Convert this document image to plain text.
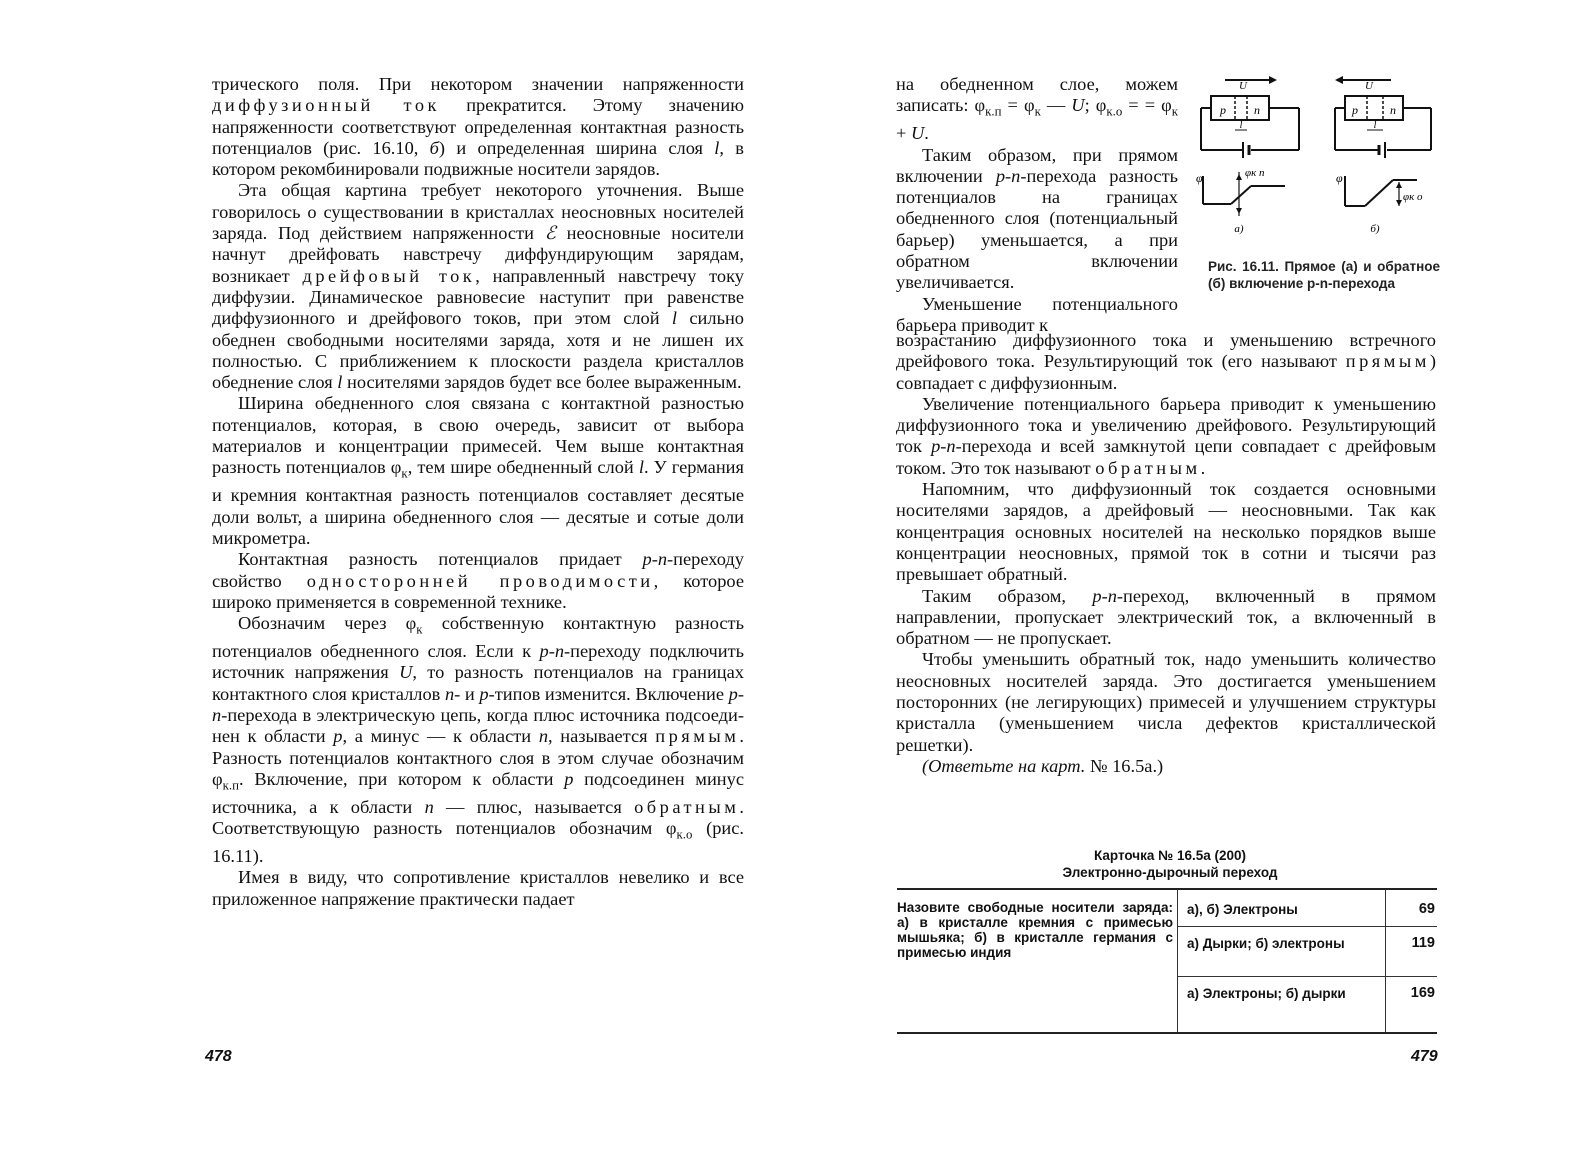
трического поля. При некотором значении напряженности диффузионный ток прекратится. Этому значению напряженности соответствуют определенная контактная разность потенциалов (рис. 16.10, б) и определенная ширина слоя l, в котором рекомбинировали подвижные носители зарядов.

Эта общая картина требует некоторого уточнения. Выше говорилось о существовании в кристаллах неосновных носителей заряда. Под действием напряженности ℰ неосновные носители начнут дрейфовать навстречу диффундирующим зарядам, возникает дрейфовый ток, направленный навстречу току диффузии. Динамическое равновесие наступит при равенстве диффузионного и дрейфового токов, при этом слой l сильно обеднен свободными носителями заряда, хотя и не лишен их полностью. С приближением к плоскости раздела кристаллов обеднение слоя l носителями зарядов будет все более выраженным.

Ширина обедненного слоя связана с контактной разностью потенциалов, которая, в свою очередь, зависит от выбора материалов и концентрации примесей. Чем выше контактная разность потенциалов $\varphi_к$, тем шире обедненный слой l. У германия и кремния контактная разность потенциалов составляет десятые доли вольт, а ширина обедненного слоя — десятые и сотые доли микрометра.

Контактная разность потенциалов придает р-n-переходу свойство односторонней проводимости, которое широко применяется в современной технике.

Обозначим через $\varphi_к$ собственную контактную разность потенциалов обедненного слоя. Если к р-n-переходу подключить источник напряжения U, то разность потенциалов на границах контактного слоя кристаллов n- и р-типов изменится. Включение р-n-перехода в электрическую цепь, когда плюс источника подсоединен к области р, а минус — к области n, называется прямым. Разность потенциалов контактного слоя в этом случае обозначим $\varphi_{к.п}$. Включение, при котором к области р подсоединен минус источника, а к области n — плюс, называется обратным. Соответствующую разность потенциалов обозначим $\varphi_{к.о}$ (рис. 16.11).

Имея в виду, что сопротивление кристаллов невелико и все приложенное напряжение практически падает

478

на обедненном слое, можем записать: $\varphi_{к.п} = \varphi_к$ — U; $\varphi_{к.о}$ = = $\varphi_к + U$.

Таким образом, при прямом включении р-n-перехода разность потенциалов на границах обедненного слоя (потенциальный барьер) уменьшается, а при обратном включении увеличивается.

Уменьшение потенциального барьера приводит к

U
p n
l
φ	φк п
а)
U
p	n
l
φ
φк о
б)
Рис. 16.11. Прямое (а) и обратное (б) включение р-n-перехода

возрастанию диффузионного тока и уменьшению встречного дрейфового тока. Результирующий ток (его называют прямым) совпадает с диффузионным.

Увеличение потенциального барьера приводит к уменьшению диффузионного тока и увеличению дрейфового. Результирующий ток р-n-перехода и всей замкнутой цепи совпадает с дрейфовым током. Это ток называют обратным.

Напомним, что диффузионный ток создается основными носителями зарядов, а дрейфовый — неосновными. Так как концентрация основных носителей на несколько порядков выше концентрации неосновных, прямой ток в сотни и тысячи раз превышает обратный.

Таким образом, р-n-переход, включенный в прямом направлении, пропускает электрический ток, а включенный в обратном — не пропускает.

Чтобы уменьшить обратный ток, надо уменьшить количество неосновных носителей заряда. Это достигается уменьшением посторонних (не легирующих) примесей и улучшением структуры кристалла (уменьшением числа дефектов кристаллической решетки).

(Ответьте на карт. № 16.5а.)

Карточка № 16.5а (200)
Электронно-дырочный переход
Назовите свободные носители заряда: а) в кристалле кремния с примесью мышьяка; б) в кристалле германия с примесью индия
а), б) Электроны	69
а) Дырки; б) электроны	119
а) Электроны; б) дырки	169
479
